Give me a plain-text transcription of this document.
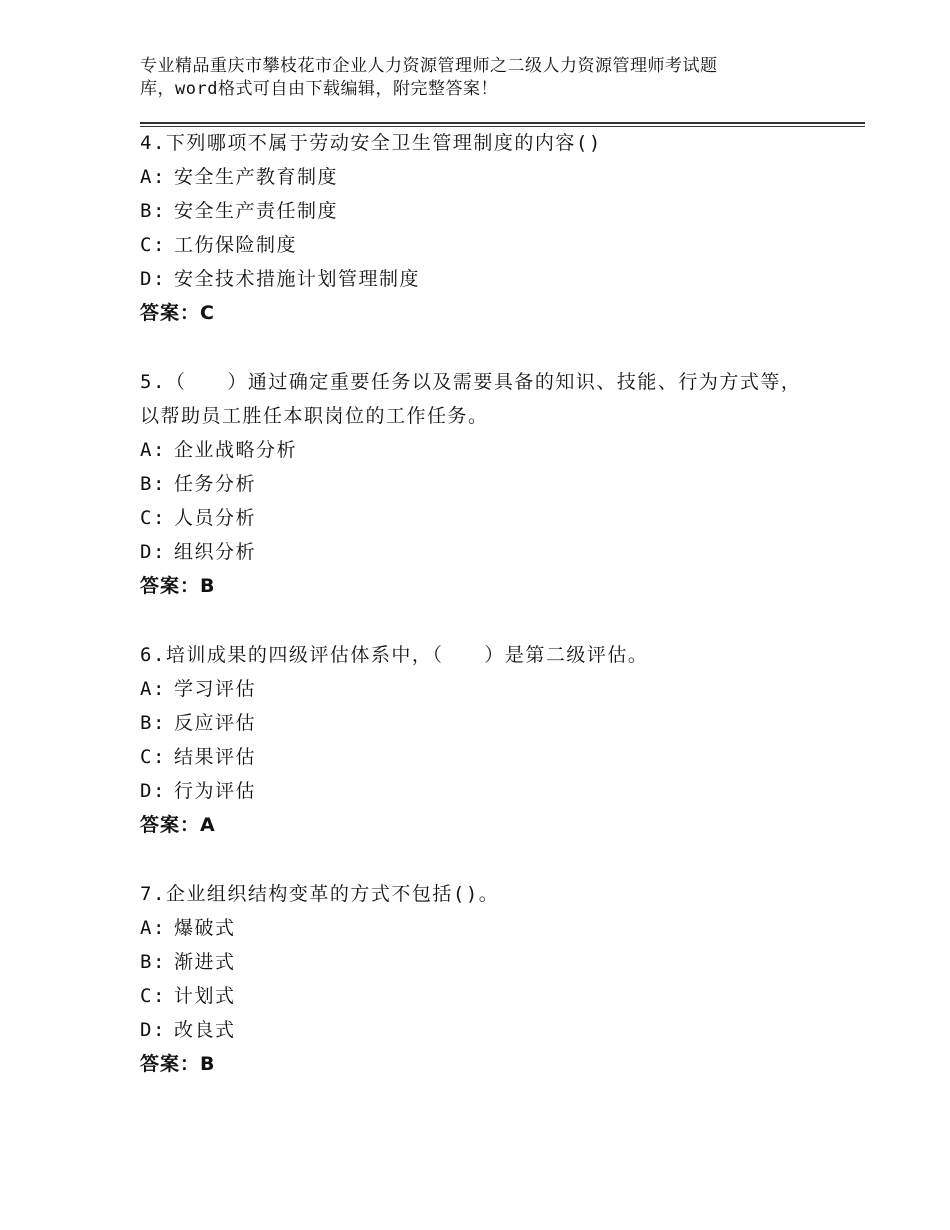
专业精品重庆市攀枝花市企业人力资源管理师之二级人力资源管理师考试题
库，word格式可自由下载编辑，附完整答案！

4.下列哪项不属于劳动安全卫生管理制度的内容()

A: 安全生产教育制度
B: 安全生产责任制度
C: 工伤保险制度
D: 安全技术措施计划管理制度
答案：C

5.（　　）通过确定重要任务以及需要具备的知识、技能、行为方式等，以帮助员工胜任本职岗位的工作任务。

A: 企业战略分析
B: 任务分析
C: 人员分析
D: 组织分析
答案：B

6.培训成果的四级评估体系中，（　　）是第二级评估。

A: 学习评估
B: 反应评估
C: 结果评估
D: 行为评估
答案：A

7.企业组织结构变革的方式不包括()。

A: 爆破式
B: 渐进式
C: 计划式
D: 改良式
答案：B
